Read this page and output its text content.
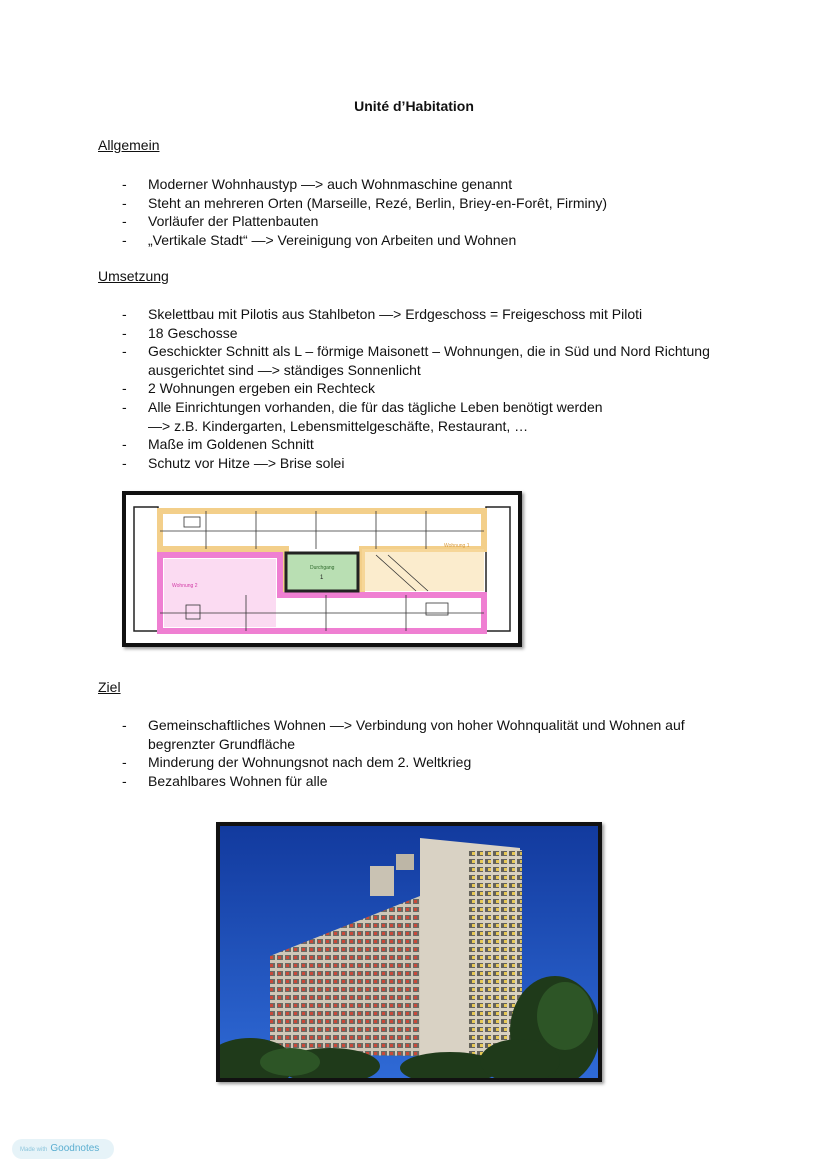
Unité d’Habitation
Allgemein
- Moderner Wohnhaustyp —> auch Wohnmaschine genannt
- Steht an mehreren Orten (Marseille, Rezé, Berlin, Briey-en-Forêt, Firminy)
- Vorläufer der Plattenbauten
- „Vertikale Stadt“ —> Vereinigung von Arbeiten und Wohnen
Umsetzung
- Skelettbau mit Pilotis aus Stahlbeton —> Erdgeschoss = Freigeschoss mit Piloti
- 18 Geschosse
- Geschickter Schnitt als L – förmige Maisonett – Wohnungen, die in Süd und Nord Richtung
ausgerichtet sind —> ständiges Sonnenlicht
- 2 Wohnungen ergeben ein Rechteck
- Alle Einrichtungen vorhanden, die für das tägliche Leben benötigt werden
—> z.B. Kindergarten, Lebensmittelgeschäfte, Restaurant, …
- Maße im Goldenen Schnitt
- Schutz vor Hitze —> Brise solei
Wohnung 1
Wohnung 2
Durchgang
1
Ziel
- Gemeinschaftliches Wohnen —> Verbindung von hoher Wohnqualität und Wohnen auf
begrenzter Grundfläche
- Minderung der Wohnungsnot nach dem 2. Weltkrieg
- Bezahlbares Wohnen für alle
Made with Goodnotes
